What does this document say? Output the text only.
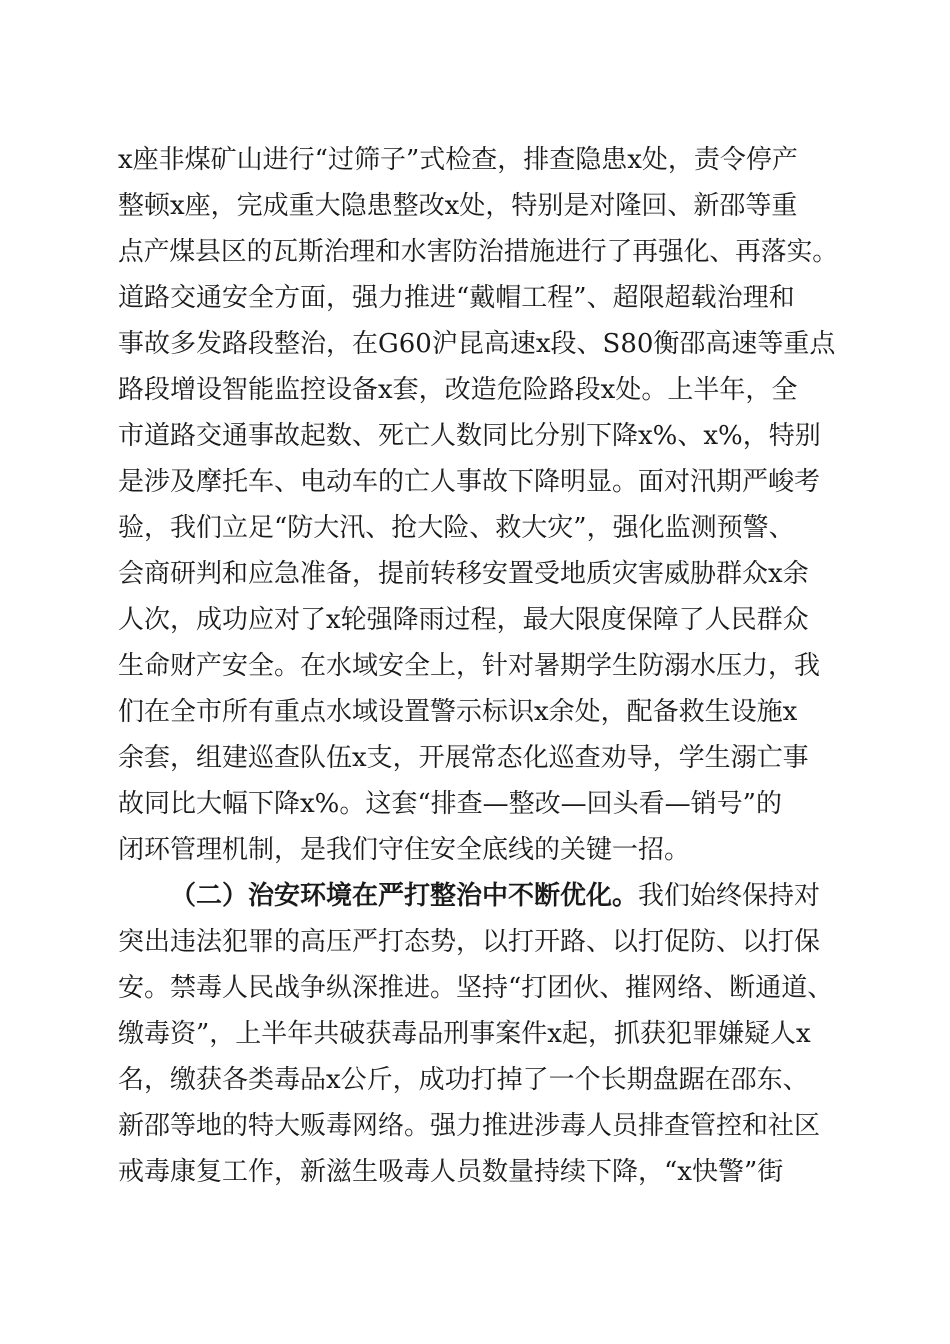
x座非煤矿山进行“过筛子”式检查，排查隐患x处，责令停产
整顿x座，完成重大隐患整改x处，特别是对隆回、新邵等重
点产煤县区的瓦斯治理和水害防治措施进行了再强化、再落实。
道路交通安全方面，强力推进“戴帽工程”、超限超载治理和
事故多发路段整治，在G60沪昆高速x段、S80衡邵高速等重点
路段增设智能监控设备x套，改造危险路段x处。上半年，全
市道路交通事故起数、死亡人数同比分别下降x%、x%，特别
是涉及摩托车、电动车的亡人事故下降明显。面对汛期严峻考
验，我们立足“防大汛、抢大险、救大灾”，强化监测预警、
会商研判和应急准备，提前转移安置受地质灾害威胁群众x余
人次，成功应对了x轮强降雨过程，最大限度保障了人民群众
生命财产安全。在水域安全上，针对暑期学生防溺水压力，我
们在全市所有重点水域设置警示标识x余处，配备救生设施x
余套，组建巡查队伍x支，开展常态化巡查劝导，学生溺亡事
故同比大幅下降x%。这套“排查—整改—回头看—销号”的
闭环管理机制，是我们守住安全底线的关键一招。
（二）治安环境在严打整治中不断优化。我们始终保持对
突出违法犯罪的高压严打态势，以打开路、以打促防、以打保
安。禁毒人民战争纵深推进。坚持“打团伙、摧网络、断通道、
缴毒资”，上半年共破获毒品刑事案件x起，抓获犯罪嫌疑人x
名，缴获各类毒品x公斤，成功打掉了一个长期盘踞在邵东、
新邵等地的特大贩毒网络。强力推进涉毒人员排查管控和社区
戒毒康复工作，新滋生吸毒人员数量持续下降，“x快警”街
